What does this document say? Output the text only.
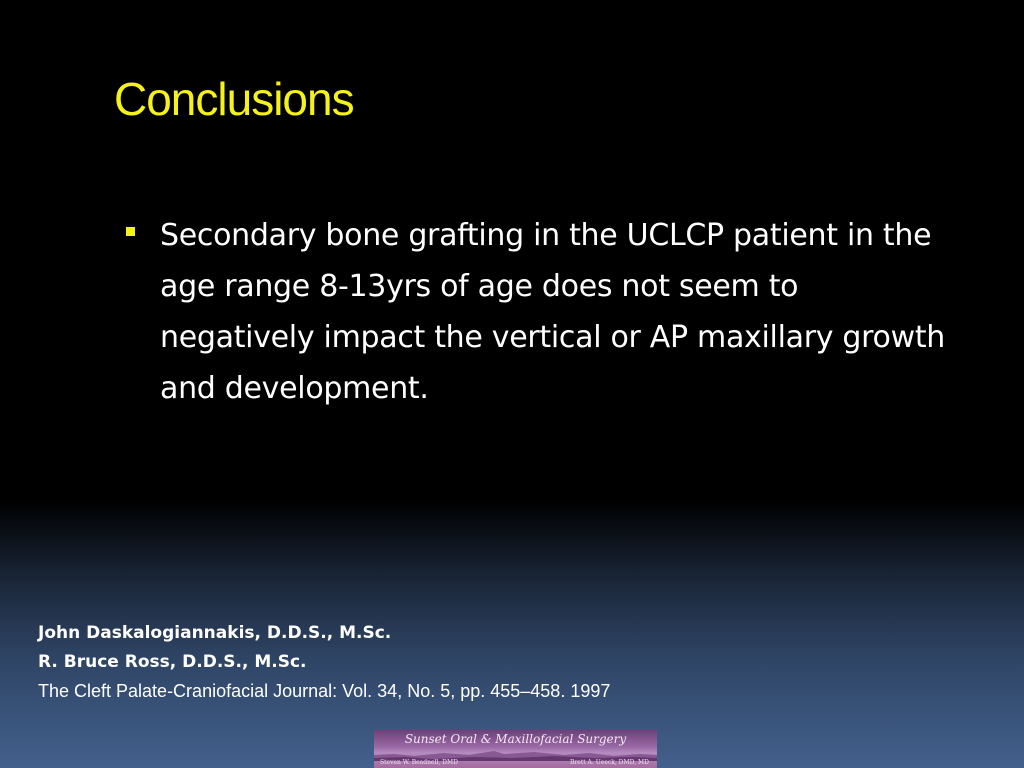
Conclusions
Secondary bone grafting in the UCLCP patient in the age range 8-13yrs of age does not seem to negatively impact the vertical or AP maxillary growth and development.
John Daskalogiannakis, D.D.S., M.Sc.
R. Bruce Ross, D.D.S., M.Sc.
The Cleft Palate-Craniofacial Journal: Vol. 34, No. 5, pp. 455–458. 1997
Sunset Oral & Maxillofacial Surgery
Steven W. Beadnell, DMD	Brett A. Ueeck, DMD, MD
